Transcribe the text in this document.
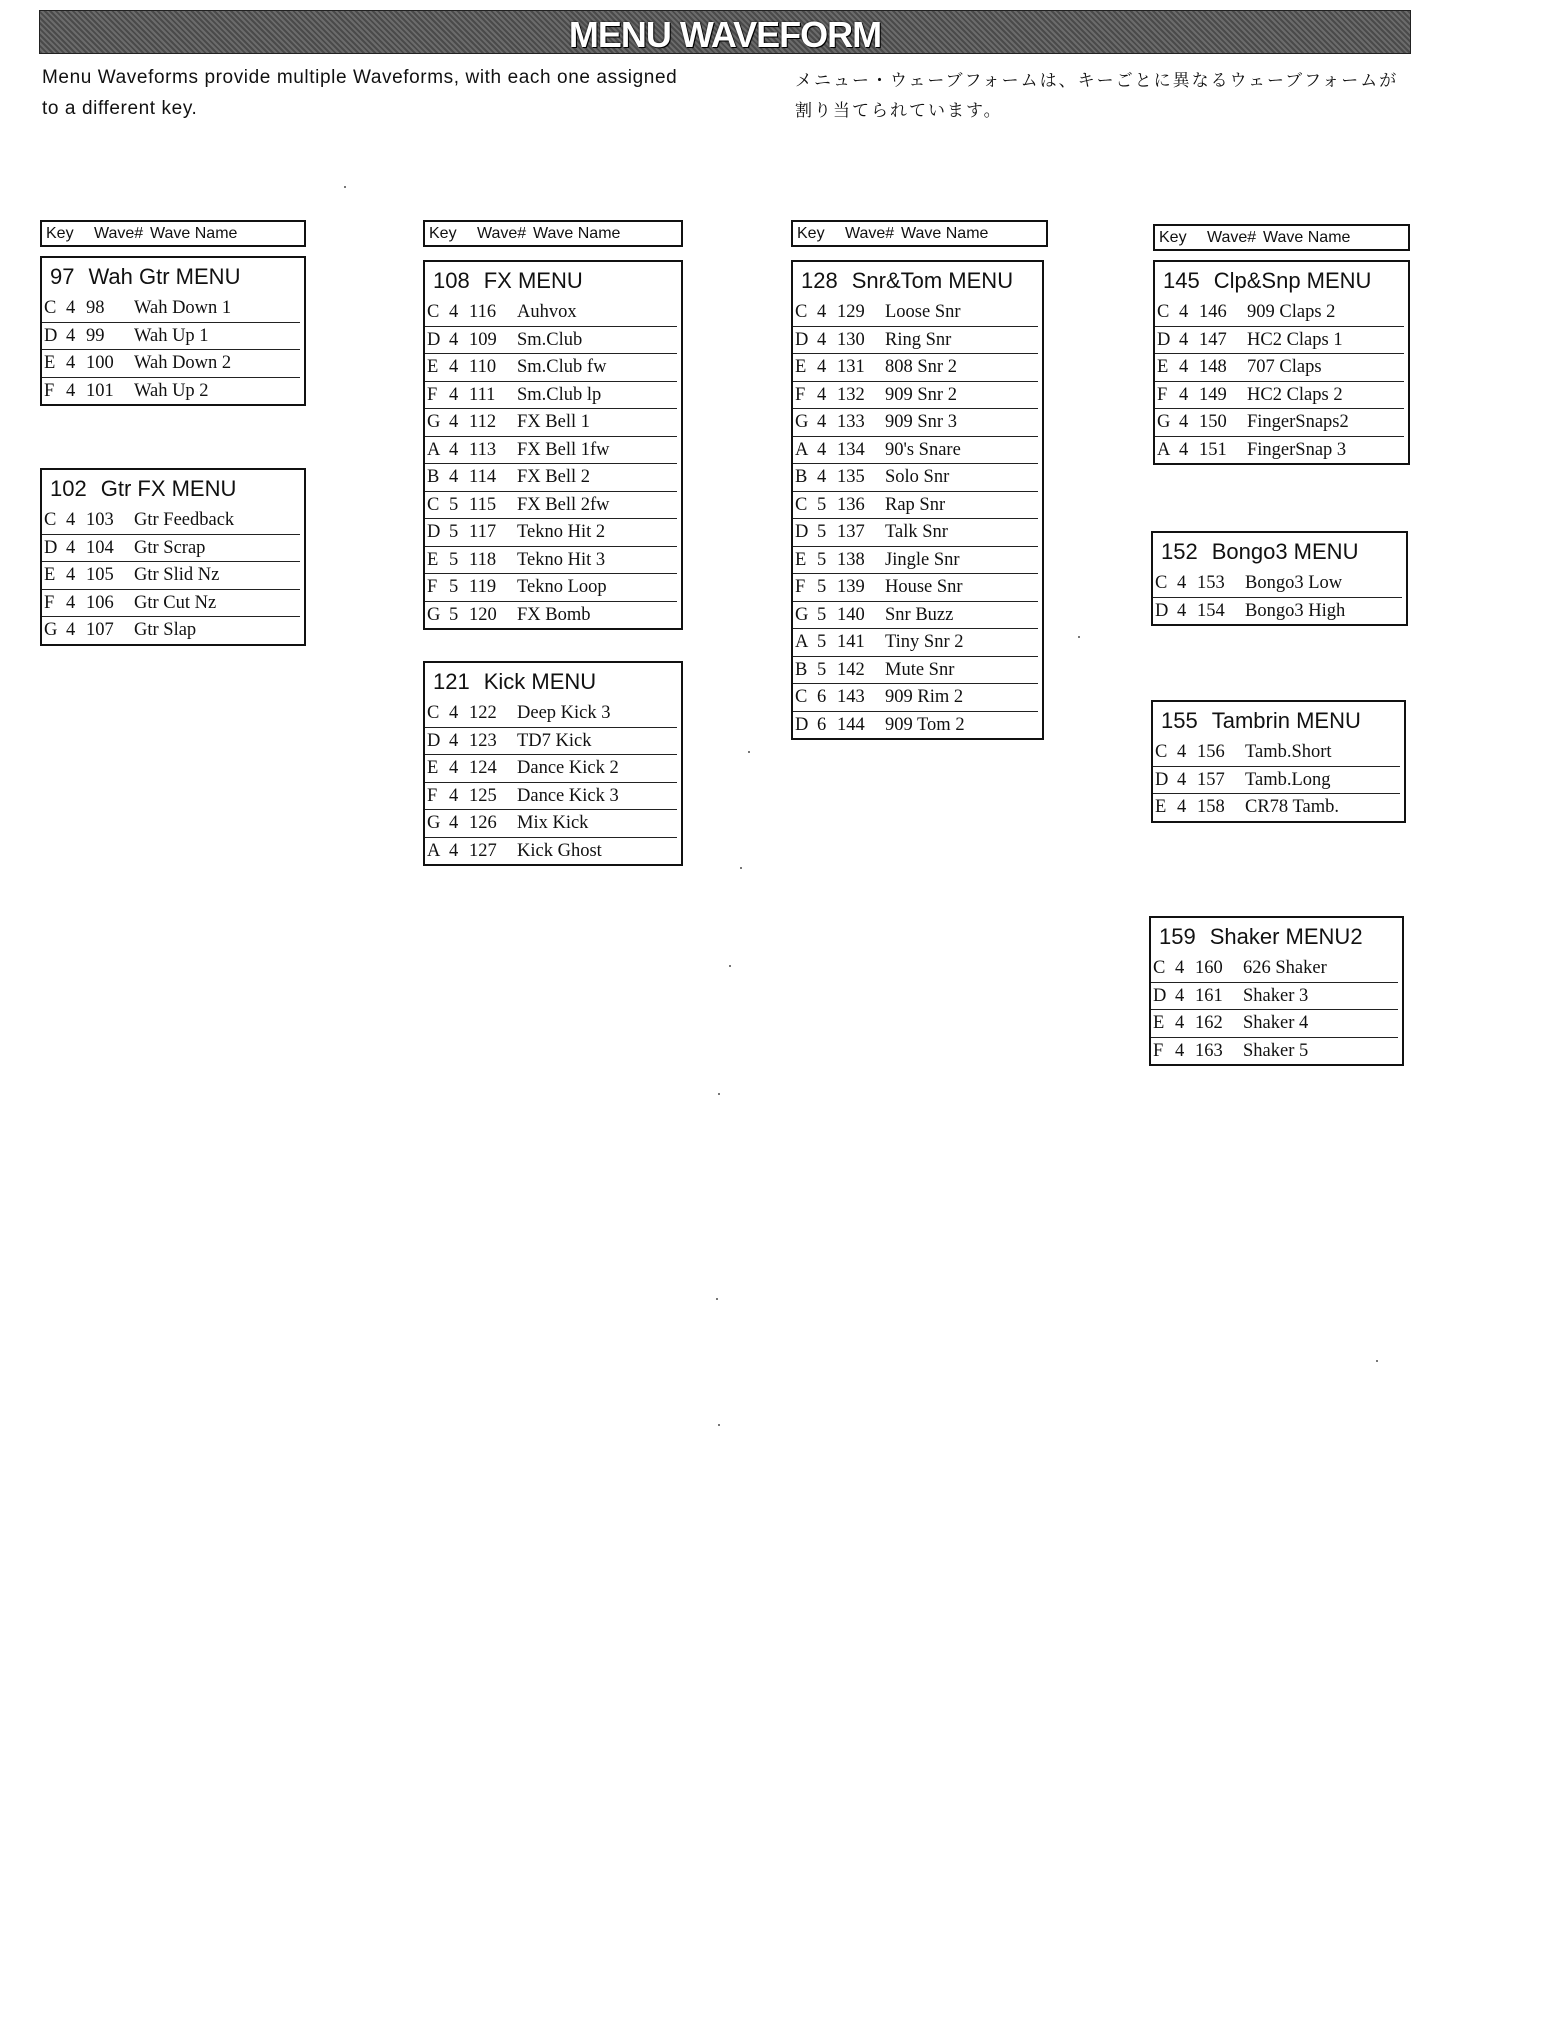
MENU WAVEFORM
Menu Waveforms provide multiple Waveforms, with each one assigned to a different key.
メニュー・ウェーブフォームは、キーごとに異なるウェーブフォームが割り当てられています。
Key Wave# Wave Name	Key Wave# Wave Name	Key Wave# Wave Name	Key Wave# Wave Name
97 Wah Gtr MENU
C 4 98 Wah Down 1
D 4 99 Wah Up 1
E 4 100 Wah Down 2
F 4 101 Wah Up 2
102 Gtr FX MENU
C 4 103 Gtr Feedback
D 4 104 Gtr Scrap
E 4 105 Gtr Slid Nz
F 4 106 Gtr Cut Nz
G 4 107 Gtr Slap
108 FX MENU
C 4 116 Auhvox
D 4 109 Sm.Club
E 4 110 Sm.Club fw
F 4 111 Sm.Club lp
G 4 112 FX Bell 1
A 4 113 FX Bell 1fw
B 4 114 FX Bell 2
C 5 115 FX Bell 2fw
D 5 117 Tekno Hit 2
E 5 118 Tekno Hit 3
F 5 119 Tekno Loop
G 5 120 FX Bomb
121 Kick MENU
C 4 122 Deep Kick 3
D 4 123 TD7 Kick
E 4 124 Dance Kick 2
F 4 125 Dance Kick 3
G 4 126 Mix Kick
A 4 127 Kick Ghost
128 Snr&Tom MENU
C 4 129 Loose Snr
D 4 130 Ring Snr
E 4 131 808 Snr 2
F 4 132 909 Snr 2
G 4 133 909 Snr 3
A 4 134 90's Snare
B 4 135 Solo Snr
C 5 136 Rap Snr
D 5 137 Talk Snr
E 5 138 Jingle Snr
F 5 139 House Snr
G 5 140 Snr Buzz
A 5 141 Tiny Snr 2
B 5 142 Mute Snr
C 6 143 909 Rim 2
D 6 144 909 Tom 2
145 Clp&Snp MENU
C 4 146 909 Claps 2
D 4 147 HC2 Claps 1
E 4 148 707 Claps
F 4 149 HC2 Claps 2
G 4 150 FingerSnaps2
A 4 151 FingerSnap 3
152 Bongo3 MENU
C 4 153 Bongo3 Low
D 4 154 Bongo3 High
155 Tambrin MENU
C 4 156 Tamb.Short
D 4 157 Tamb.Long
E 4 158 CR78 Tamb.
159 Shaker MENU2
C 4 160 626 Shaker
D 4 161 Shaker 3
E 4 162 Shaker 4
F 4 163 Shaker 5
